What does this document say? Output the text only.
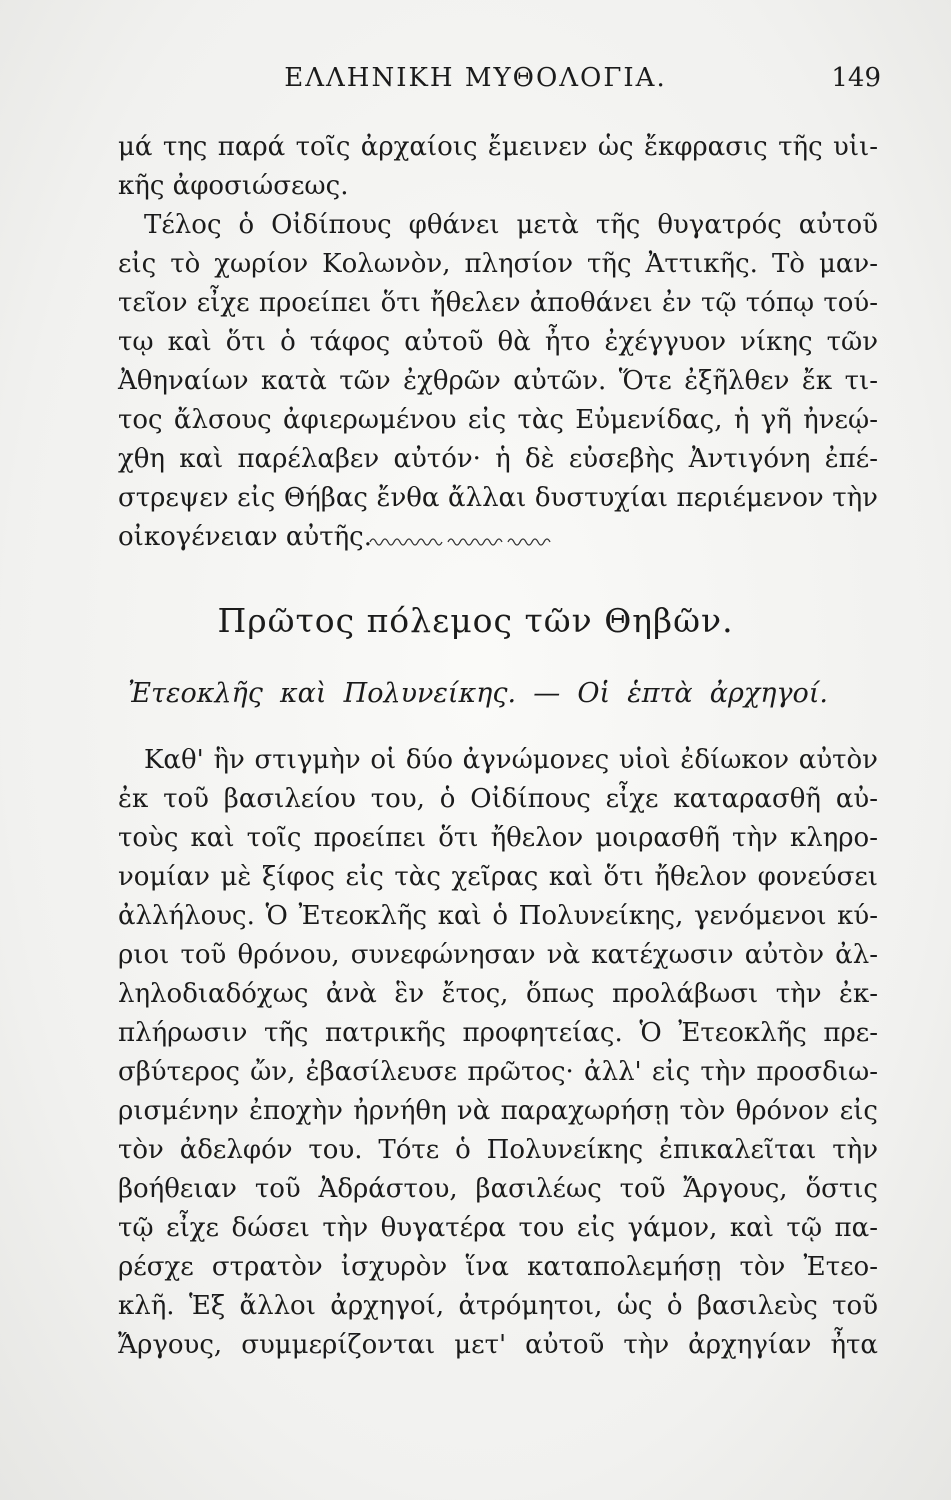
ΕΛΛΗΝΙΚΗ ΜΥΘΟΛΟΓΙΑ.	149
μά της παρά τοῖς ἀρχαίοις ἔμεινεν ὡς ἔκφρασις τῆς υἱι-
κῆς ἀφοσιώσεως.
Τέλος ὁ Οἰδίπους φθάνει μετὰ τῆς θυγατρός αὐτοῦ
εἰς τὸ χωρίον Κολωνὸν, πλησίον τῆς Ἀττικῆς. Τὸ μαν-
τεῖον εἶχε προείπει ὅτι ἤθελεν ἀποθάνει ἐν τῷ τόπῳ τού-
τῳ καὶ ὅτι ὁ τάφος αὐτοῦ θὰ ἦτο ἐχέγγυον νίκης τῶν
Ἀθηναίων κατὰ τῶν ἐχθρῶν αὐτῶν. Ὅτε ἐξῆλθεν ἔκ τι-
τος ἄλσους ἀφιερωμένου εἰς τὰς Εὐμενίδας, ἡ γῆ ἠνεῴ-
χθη καὶ παρέλαβεν αὐτόν· ἡ δὲ εὐσεβὴς Ἀντιγόνη ἐπέ-
στρεψεν εἰς Θήβας ἔνθα ἄλλαι δυστυχίαι περιέμενον τὴν
οἰκογένειαν αὐτῆς.
Πρῶτος πόλεμος τῶν Θηβῶν.
Ἐτεοκλῆς καὶ Πολυνείκης. — Οἱ ἑπτὰ ἀρχηγοί.
Καθ' ἣν στιγμὴν οἱ δύο ἀγνώμονες υἱοὶ ἐδίωκον αὐτὸν
ἐκ τοῦ βασιλείου του, ὁ Οἰδίπους εἶχε καταρασθῆ αὐ-
τοὺς καὶ τοῖς προείπει ὅτι ἤθελον μοιρασθῆ τὴν κληρο-
νομίαν μὲ ξίφος εἰς τὰς χεῖρας καὶ ὅτι ἤθελον φονεύσει
ἀλλήλους. Ὁ Ἐτεοκλῆς καὶ ὁ Πολυνείκης, γενόμενοι κύ-
ριοι τοῦ θρόνου, συνεφώνησαν νὰ κατέχωσιν αὐτὸν ἀλ-
ληλοδιαδόχως ἀνὰ ἓν ἔτος, ὅπως προλάβωσι τὴν ἐκ-
πλήρωσιν τῆς πατρικῆς προφητείας. Ὁ Ἐτεοκλῆς πρε-
σβύτερος ὤν, ἐβασίλευσε πρῶτος· ἀλλ' εἰς τὴν προσδιω-
ρισμένην ἐποχὴν ἠρνήθη νὰ παραχωρήσῃ τὸν θρόνον εἰς
τὸν ἀδελφόν του. Τότε ὁ Πολυνείκης ἐπικαλεῖται τὴν
βοήθειαν τοῦ Ἀδράστου, βασιλέως τοῦ Ἄργους, ὅστις
τῷ εἶχε δώσει τὴν θυγατέρα του εἰς γάμον, καὶ τῷ πα-
ρέσχε στρατὸν ἰσχυρὸν ἵνα καταπολεμήσῃ τὸν Ἐτεο-
κλῆ. Ἑξ ἄλλοι ἀρχηγοί, ἀτρόμητοι, ὡς ὁ βασιλεὺς τοῦ
Ἄργους, συμμερίζονται μετ' αὐτοῦ τὴν ἀρχηγίαν ἦτα
